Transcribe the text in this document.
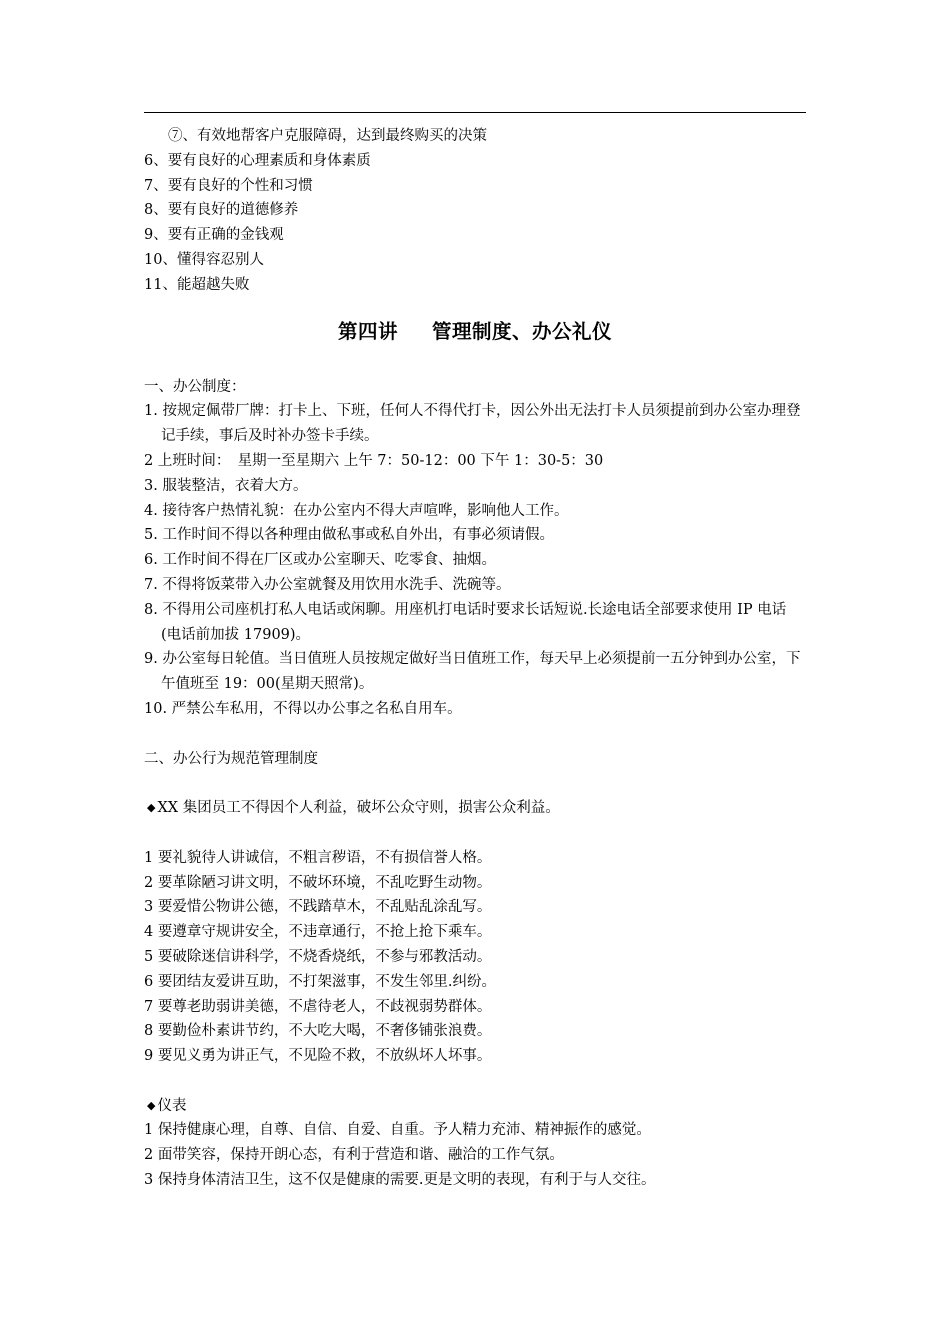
⑦、有效地帮客户克服障碍，达到最终购买的决策
6、要有良好的心理素质和身体素质
7、要有良好的个性和习惯
8、要有良好的道德修养
9、要有正确的金钱观
10、懂得容忍别人
11、能超越失败
第四讲 管理制度、办公礼仪
一、办公制度：
1. 按规定佩带厂牌：打卡上、下班，任何人不得代打卡，因公外出无法打卡人员须提前到办公室办理登记手续，事后及时补办签卡手续。
2 上班时间：　星期一至星期六 上午 7：50-12：00 下午 1：30-5：30
3. 服装整洁，衣着大方。
4. 接待客户热情礼貌：在办公室内不得大声喧哗，影响他人工作。
5. 工作时间不得以各种理由做私事或私自外出，有事必须请假。
6. 工作时间不得在厂区或办公室聊天、吃零食、抽烟。
7. 不得将饭菜带入办公室就餐及用饮用水洗手、洗碗等。
8. 不得用公司座机打私人电话或闲聊。用座机打电话时要求长话短说.长途电话全部要求使用 IP 电话(电话前加拔 17909)。
9. 办公室每日轮值。当日值班人员按规定做好当日值班工作，每天早上必须提前一五分钟到办公室，下午值班至 19：00(星期天照常)。
10. 严禁公车私用，不得以办公事之名私自用车。
二、办公行为规范管理制度
◆ XX 集团员工不得因个人利益，破坏公众守则，损害公众利益。
1 要礼貌待人讲诚信，不粗言秽语，不有损信誉人格。
2 要革除陋习讲文明，不破坏环境，不乱吃野生动物。
3 要爱惜公物讲公德，不践踏草木，不乱贴乱涂乱写。
4 要遵章守规讲安全，不违章通行，不抢上抢下乘车。
5 要破除迷信讲科学，不烧香烧纸，不参与邪教活动。
6 要团结友爱讲互助，不打架滋事，不发生邻里.纠纷。
7 要尊老助弱讲美德，不虐待老人，不歧视弱势群体。
8 要勤俭朴素讲节约，不大吃大喝，不奢侈铺张浪费。
9 要见义勇为讲正气，不见险不救，不放纵坏人坏事。
◆ 仪表
1 保持健康心理，自尊、自信、自爱、自重。予人精力充沛、精神振作的感觉。
2 面带笑容，保持开朗心态，有利于营造和谐、融洽的工作气氛。
3 保持身体清洁卫生，这不仅是健康的需要.更是文明的表现，有利于与人交往。
